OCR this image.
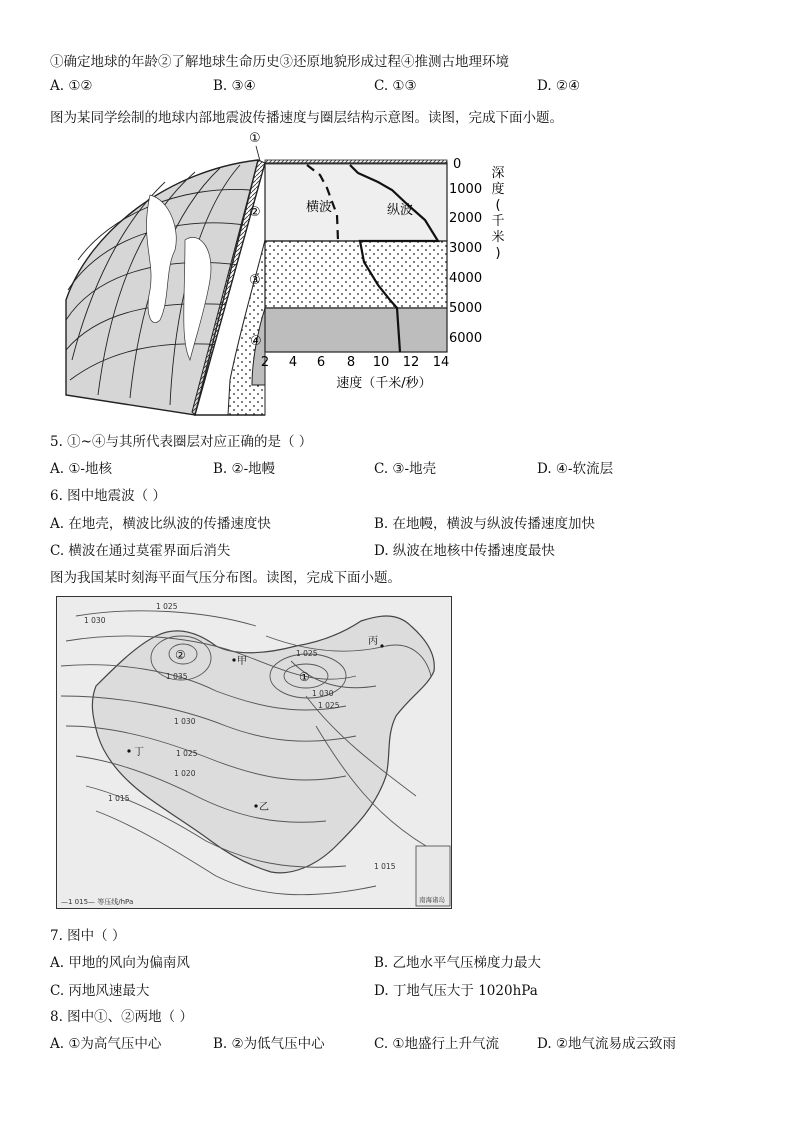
①确定地球的年龄②了解地球生命历史③还原地貌形成过程④推测古地理环境
A. ①②	B. ③④	C. ①③	D. ②④
图为某同学绘制的地球内部地震波传播速度与圈层结构示意图。读图，完成下面小题。
①
②
③
④
横波	纵波
0
1000
2000
3000
4000
5000
6000
深
度
(
千
米
)
2 4 6 8 10 12 14
速度（千米/秒）
5. ①~④与其所代表圈层对应正确的是（ ）
A. ①-地核	B. ②-地幔	C. ③-地壳	D. ④-软流层
6. 图中地震波（ ）
A. 在地壳，横波比纵波的传播速度快	B. 在地幔，横波与纵波传播速度加快
C. 横波在通过莫霍界面后消失	D. 纵波在地核中传播速度最快
图为我国某时刻海平面气压分布图。读图，完成下面小题。
1 025
1 030
1 035
1 025
1 030
1 025
1 020
1 015
1 015
1 025
1 030
甲
丙
丁
乙
①
②
—1 015— 等压线/hPa	南海诸岛
7. 图中（ ）
A. 甲地的风向为偏南风	B. 乙地水平气压梯度力最大
C. 丙地风速最大	D. 丁地气压大于 1020hPa
8. 图中①、②两地（ ）
A. ①为高气压中心	B. ②为低气压中心	C. ①地盛行上升气流	D. ②地气流易成云致雨
